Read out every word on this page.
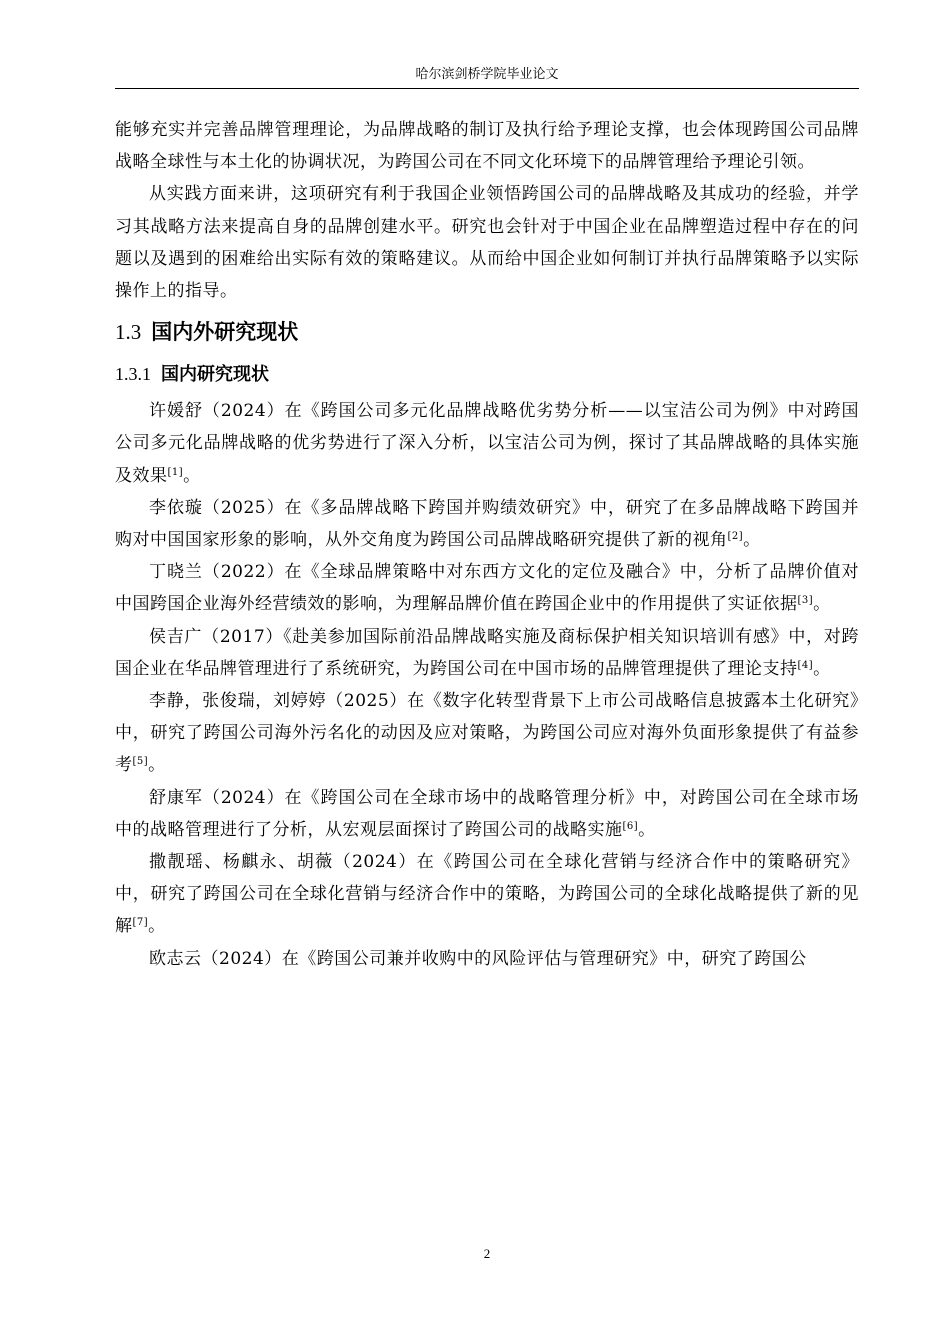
哈尔滨剑桥学院毕业论文

能够充实并完善品牌管理理论，为品牌战略的制订及执行给予理论支撑，也会体现跨国公司品牌战略全球性与本土化的协调状况，为跨国公司在不同文化环境下的品牌管理给予理论引领。

从实践方面来讲，这项研究有利于我国企业领悟跨国公司的品牌战略及其成功的经验，并学习其战略方法来提高自身的品牌创建水平。研究也会针对于中国企业在品牌塑造过程中存在的问题以及遇到的困难给出实际有效的策略建议。从而给中国企业如何制订并执行品牌策略予以实际操作上的指导。

1.3 国内外研究现状
1.3.1 国内研究现状

许媛舒（2024）在《跨国公司多元化品牌战略优劣势分析——以宝洁公司为例》中对跨国公司多元化品牌战略的优劣势进行了深入分析，以宝洁公司为例，探讨了其品牌战略的具体实施及效果[1]。

李依璇（2025）在《多品牌战略下跨国并购绩效研究》中，研究了在多品牌战略下跨国并购对中国国家形象的影响，从外交角度为跨国公司品牌战略研究提供了新的视角[2]。

丁晓兰（2022）在《全球品牌策略中对东西方文化的定位及融合》中，分析了品牌价值对中国跨国企业海外经营绩效的影响，为理解品牌价值在跨国企业中的作用提供了实证依据[3]。

侯吉广（2017）《赴美参加国际前沿品牌战略实施及商标保护相关知识培训有感》中，对跨国企业在华品牌管理进行了系统研究，为跨国公司在中国市场的品牌管理提供了理论支持[4]。

李静，张俊瑞，刘婷婷（2025）在《数字化转型背景下上市公司战略信息披露本土化研究》中，研究了跨国公司海外污名化的动因及应对策略，为跨国公司应对海外负面形象提供了有益参考[5]。

舒康军（2024）在《跨国公司在全球市场中的战略管理分析》中，对跨国公司在全球市场中的战略管理进行了分析，从宏观层面探讨了跨国公司的战略实施[6]。

撒靓瑶、杨麒永、胡薇（2024）在《跨国公司在全球化营销与经济合作中的策略研究》中，研究了跨国公司在全球化营销与经济合作中的策略，为跨国公司的全球化战略提供了新的见解[7]。

欧志云（2024）在《跨国公司兼并收购中的风险评估与管理研究》中，研究了跨国公

2
